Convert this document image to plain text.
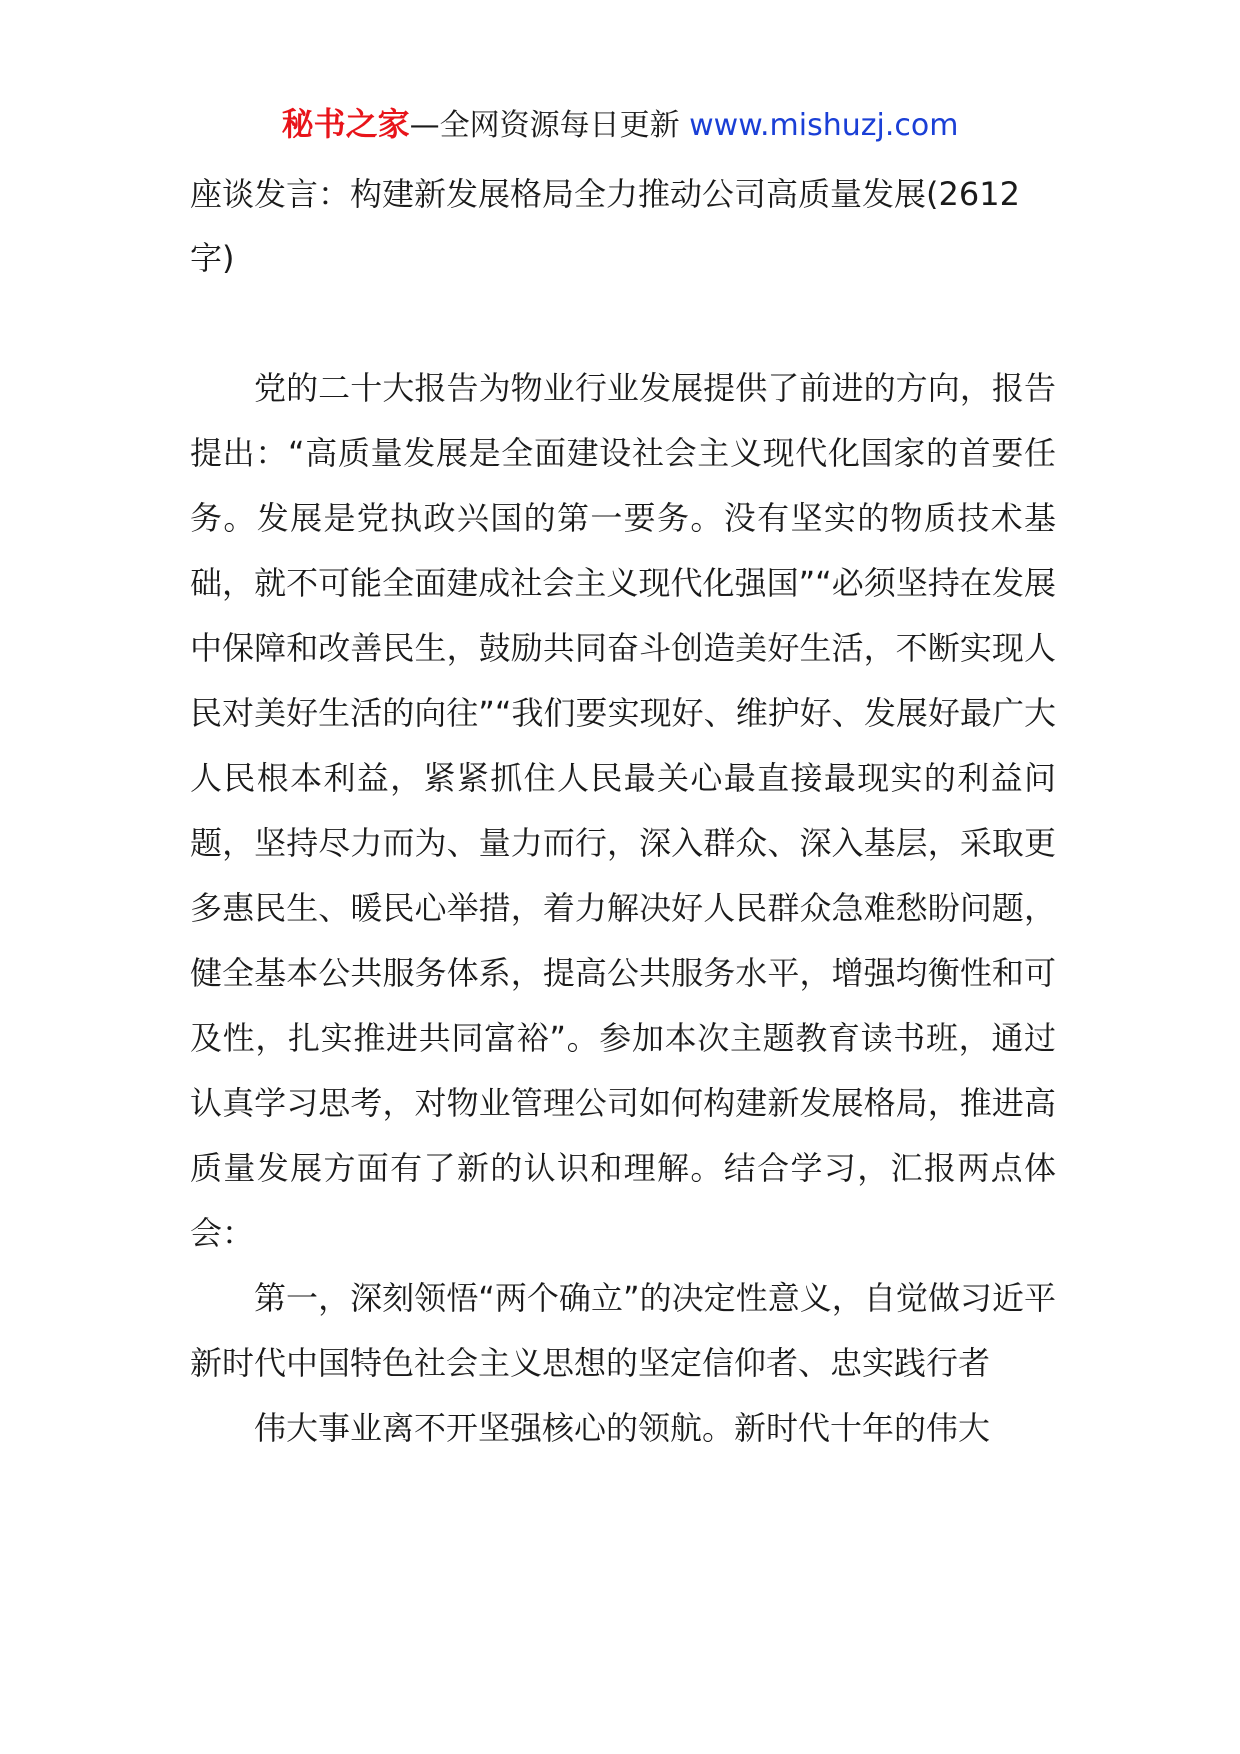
秘书之家—全网资源每日更新 www.mishuzj.com
座谈发言：构建新发展格局全力推动公司高质量发展(2612字)

党的二十大报告为物业行业发展提供了前进的方向，报告提出：“高质量发展是全面建设社会主义现代化国家的首要任务。发展是党执政兴国的第一要务。没有坚实的物质技术基础，就不可能全面建成社会主义现代化强国”“必须坚持在发展中保障和改善民生，鼓励共同奋斗创造美好生活，不断实现人民对美好生活的向往”“我们要实现好、维护好、发展好最广大人民根本利益，紧紧抓住人民最关心最直接最现实的利益问题，坚持尽力而为、量力而行，深入群众、深入基层，采取更多惠民生、暖民心举措，着力解决好人民群众急难愁盼问题，健全基本公共服务体系，提高公共服务水平，增强均衡性和可及性，扎实推进共同富裕”。参加本次主题教育读书班，通过认真学习思考，对物业管理公司如何构建新发展格局，推进高质量发展方面有了新的认识和理解。结合学习，汇报两点体会：

第一，深刻领悟“两个确立”的决定性意义，自觉做习近平新时代中国特色社会主义思想的坚定信仰者、忠实践行者

伟大事业离不开坚强核心的领航。新时代十年的伟大
